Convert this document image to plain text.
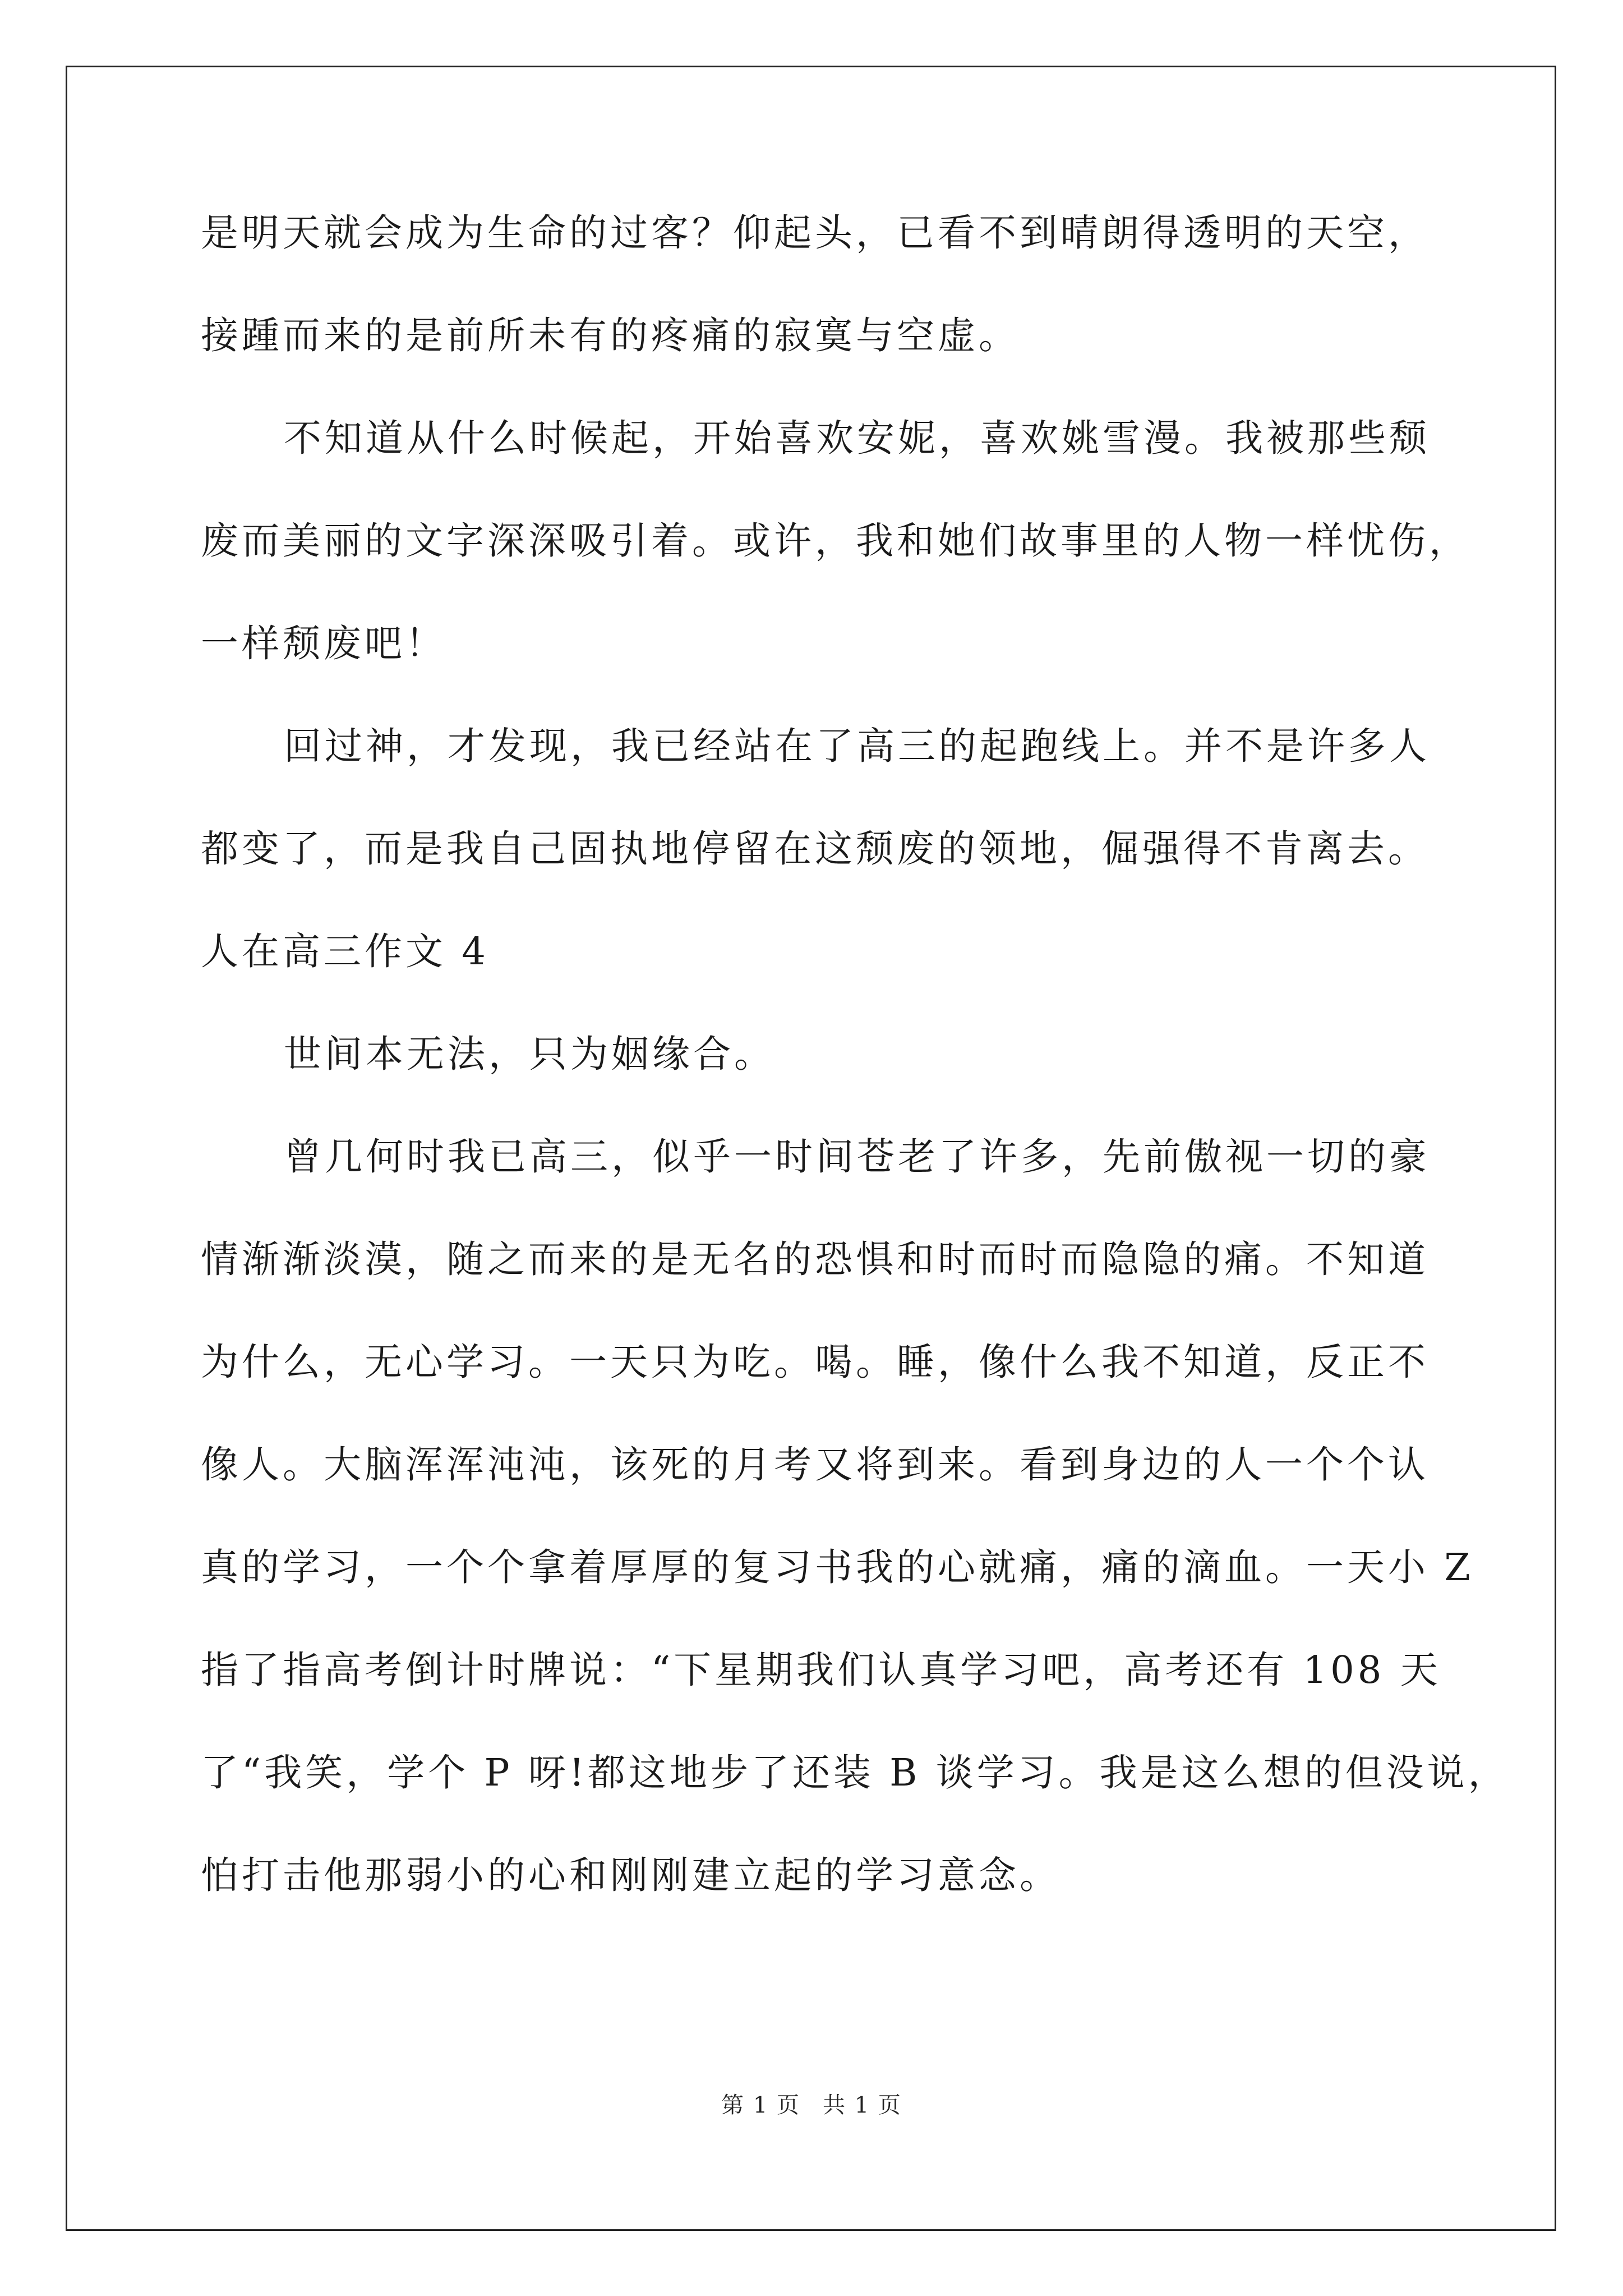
是明天就会成为生命的过客？仰起头，已看不到晴朗得透明的天空，
接踵而来的是前所未有的疼痛的寂寞与空虚。
不知道从什么时候起，开始喜欢安妮，喜欢姚雪漫。我被那些颓
废而美丽的文字深深吸引着。或许，我和她们故事里的人物一样忧伤，
一样颓废吧！
回过神，才发现，我已经站在了高三的起跑线上。并不是许多人
都变了，而是我自己固执地停留在这颓废的领地，倔强得不肯离去。
人在高三作文 4
世间本无法，只为姻缘合。
曾几何时我已高三，似乎一时间苍老了许多，先前傲视一切的豪
情渐渐淡漠，随之而来的是无名的恐惧和时而时而隐隐的痛。不知道
为什么，无心学习。一天只为吃。喝。睡，像什么我不知道，反正不
像人。大脑浑浑沌沌，该死的月考又将到来。看到身边的人一个个认
真的学习，一个个拿着厚厚的复习书我的心就痛，痛的滴血。一天小 Z
指了指高考倒计时牌说：“下星期我们认真学习吧，高考还有 108 天
了“我笑，学个 P 呀!都这地步了还装 B 谈学习。我是这么想的但没说，
怕打击他那弱小的心和刚刚建立起的学习意念。
第 1 页 共 1 页
